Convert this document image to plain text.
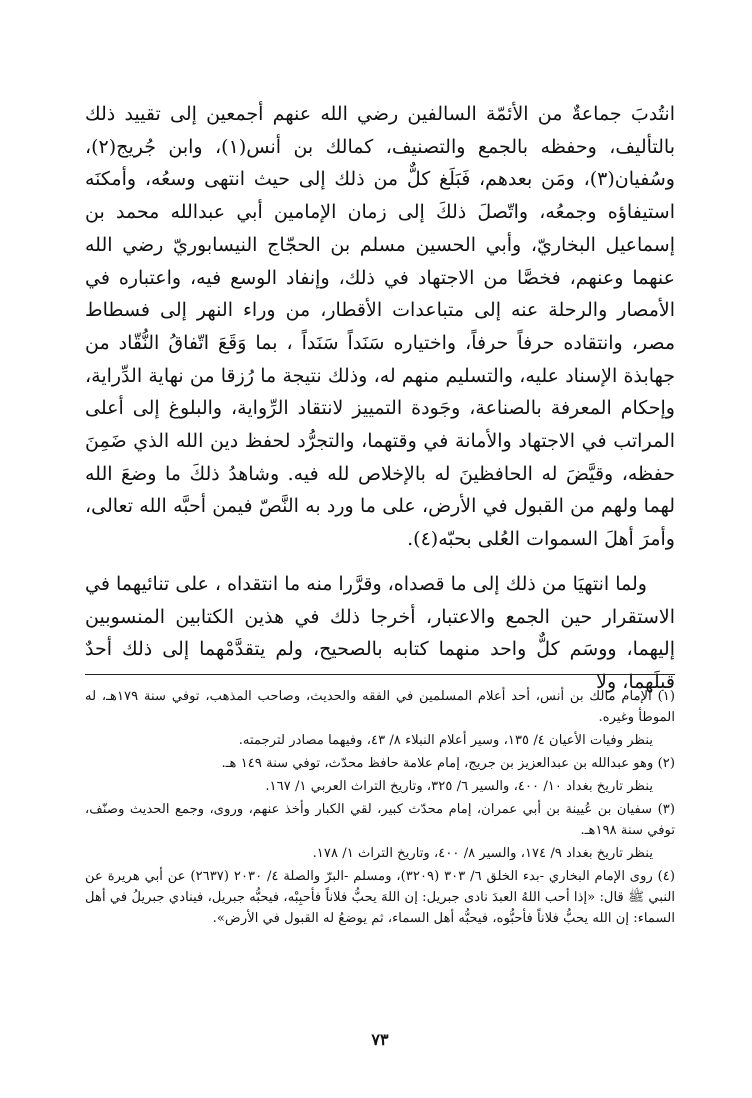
انتُدبَ جماعةٌ من الأئمّة السالفين رضي الله عنهم أجمعين إلى تقييد ذلك بالتأليف، وحفظه بالجمع والتصنيف، كمالك بن أنس(١)، وابن جُريج(٢)، وسُفيان(٣)، ومَن بعدهم، فَبَلَغ كلٌّ من ذلك إلى حيث انتهى وسعُه، وأمكنَه استيفاؤه وجمعُه، واتّصلَ ذلكَ إلى زمان الإمامين أبي عبدالله محمد بن إسماعيل البخاريّ، وأبي الحسين مسلم بن الحجّاج النيسابوريّ رضي الله عنهما وعنهم، فخصَّا من الاجتهاد في ذلك، وإنفاد الوسع فيه، واعتباره في الأمصار والرحلة عنه إلى متباعدات الأقطار، من وراء النهر إلى فسطاط مصر، وانتقاده حرفاً حرفاً، واختياره سَنَداً سَنَداً ، بما وَقَعَ اتّفاقُ النُّقّاد من جهابذة الإسناد عليه، والتسليم منهم له، وذلك نتيجة ما رُزقا من نهاية الدِّراية، وإحكام المعرفة بالصناعة، وجَودة التمييز لانتقاد الرِّواية، والبلوغ إلى أعلى المراتب في الاجتهاد والأمانة في وقتهما، والتجرُّد لحفظ دين الله الذي ضَمِنَ حفظه، وقيَّضَ له الحافظينَ له بالإخلاص لله فيه. وشاهدُ ذلكَ ما وضعَ الله لهما ولهم من القبول في الأرض، على ما ورد به النَّصّ فيمن أحبَّه الله تعالى، وأمرَ أهلَ السموات العُلى بحبّه(٤).

ولما انتهيَا من ذلك إلى ما قصداه، وقرَّرا منه ما انتقداه ، على تنائيهما في الاستقرار حين الجمع والاعتبار، أخرجا ذلك في هذين الكتابين المنسوبين إليهما، ووسَم كلٌّ واحد منهما كتابه بالصحيح، ولم يتقدَّمْهما إلى ذلك أحدٌ قبلَهما، ولا

(١) الإمام مالك بن أنس، أحد أعلام المسلمين في الفقه والحديث، وصاحب المذهب، توفي سنة ١٧٩هـ، له الموطأ وغيره.

ينظر وفيات الأعيان ٤/ ١٣٥، وسير أعلام النبلاء ٨/ ٤٣، وفيهما مصادر لترجمته.

(٢) وهو عبدالله بن عبدالعزيز بن جريج، إمام علامة حافظ محدّث، توفي سنة ١٤٩ هـ.

ينظر تاريخ بغداد ١٠/ ٤٠٠، والسير ٦/ ٣٢٥، وتاريخ التراث العربي ١/ ١٦٧.

(٣) سفيان بن عُيينة بن أبي عمران، إمام محدّث كبير، لقي الكبار وأخذ عنهم، وروى، وجمع الحديث وصنّف، توفي سنة ١٩٨هـ.

ينظر تاريخ بغداد ٩/ ١٧٤، والسير ٨/ ٤٠٠، وتاريخ التراث ١/ ١٧٨.

(٤) روى الإمام البخاري -بدء الخلق ٦/ ٣٠٣ (٣٢٠٩)، ومسلم -البرّ والصلة ٤/ ٢٠٣٠ (٢٦٣٧) عن أبي هريرة عن النبي ﷺ قال: «إذا أحب اللهُ العبدَ نادى جبريل: إن اللهَ يحبُّ فلاناً فأحبِبْه، فيحبُّه جبريل، فينادي جبريلُ في أهل السماء: إن الله يحبُّ فلاناً فأحبُّوه، فيحبُّه أهل السماء، ثم يوضعُ له القبول في الأرض».

٧٣
